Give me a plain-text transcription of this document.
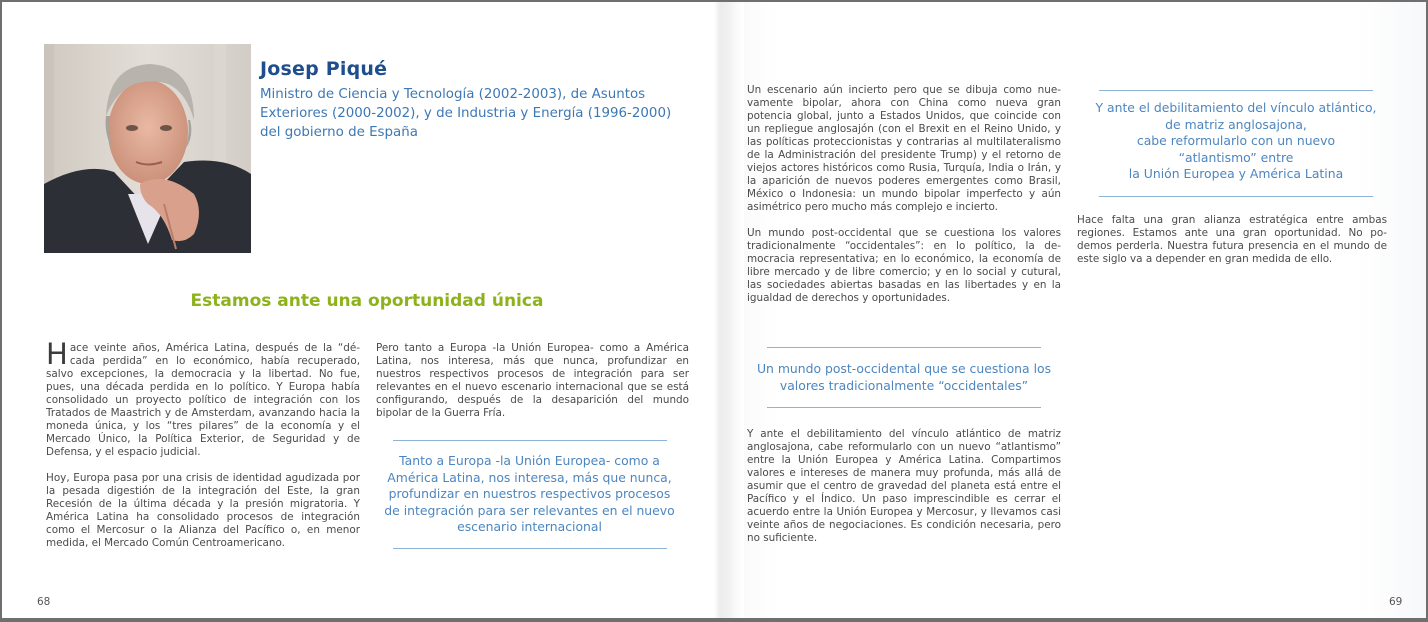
Josep Piqué
Ministro de Ciencia y Tecnología (2002-2003), de Asuntos Exteriores (2000-2002), y de Industria y Energía (1996-2000) del gobierno de España
Estamos ante una oportunidad única

Hace veinte años, América Latina, después de la “década perdida” en lo económico, había recuperado, salvo excepciones, la democracia y la libertad. No fue, pues, una década perdida en lo político. Y Europa había consolidado un proyecto político de integración con los Tratados de Maastrich y de Amsterdam, avanzando hacia la moneda única, y los “tres pilares” de la economía y el Mercado Único, la Política Exterior, de Seguridad y de Defensa, y el espacio judicial.

Hoy, Europa pasa por una crisis de identidad agudizada por la pesada digestión de la integración del Este, la gran Recesión de la última década y la presión migratoria. Y América Latina ha consolidado procesos de integración como el Mercosur o la Alianza del Pacífico o, en menor medida, el Mercado Común Centroamericano.

Pero tanto a Europa -la Unión Europea- como a América Latina, nos interesa, más que nunca, profundizar en nuestros respectivos procesos de integración para ser relevantes en el nuevo escenario internacional que se está configurando, después de la desaparición del mundo bipolar de la Guerra Fría.

Tanto a Europa -la Unión Europea- como a América Latina, nos interesa, más que nunca, profundizar en nuestros respectivos procesos de integración para ser relevantes en el nuevo escenario internacional
68

Un escenario aún incierto pero que se dibuja como nuevamente bipolar, ahora con China como nueva gran potencia global, junto a Estados Unidos, que coincide con un repliegue anglosajón (con el Brexit en el Reino Unido, y las políticas proteccionistas y contrarias al multilateralismo de la Administración del presidente Trump) y el retorno de viejos actores históricos como Rusia, Turquía, India o Irán, y la aparición de nuevos poderes emergentes como Brasil, México o Indonesia: un mundo bipolar imperfecto y aún asimétrico pero mucho más complejo e incierto.

Un mundo post-occidental que se cuestiona los valores tradicionalmente “occidentales”: en lo político, la democracia representativa; en lo económico, la economía de libre mercado y de libre comercio; y en lo social y cutural, las sociedades abiertas basadas en las libertades y en la igualdad de derechos y oportunidades.

Un mundo post-occidental que se cuestiona los valores tradicionalmente “occidentales”

Y ante el debilitamiento del vínculo atlántico de matriz anglosajona, cabe reformularlo con un nuevo “atlantismo” entre la Unión Europea y América Latina. Compartimos valores e intereses de manera muy profunda, más allá de asumir que el centro de gravedad del planeta está entre el Pacífico y el Índico. Un paso imprescindible es cerrar el acuerdo entre la Unión Europea y Mercosur, y llevamos casi veinte años de negociaciones. Es condición necesaria, pero no suficiente.

Y ante el debilitamiento del vínculo atlántico,
de matriz anglosajona,
cabe reformularlo con un nuevo
“atlantismo” entre
la Unión Europea y América Latina

Hace falta una gran alianza estratégica entre ambas regiones. Estamos ante una gran oportunidad. No podemos perderla. Nuestra futura presencia en el mundo de este siglo va a depender en gran medida de ello.

69
